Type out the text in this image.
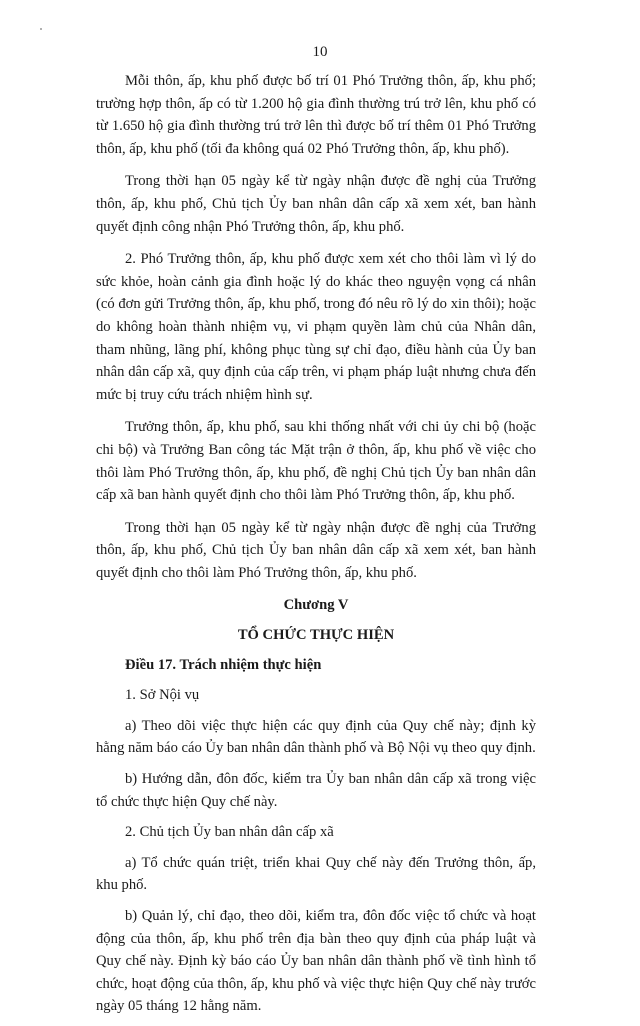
10

Mỗi thôn, ấp, khu phố được bố trí 01 Phó Trưởng thôn, ấp, khu phố; trường hợp thôn, ấp có từ 1.200 hộ gia đình thường trú trở lên, khu phố có từ 1.650 hộ gia đình thường trú trở lên thì được bố trí thêm 01 Phó Trưởng thôn, ấp, khu phố (tối đa không quá 02 Phó Trưởng thôn, ấp, khu phố).

Trong thời hạn 05 ngày kể từ ngày nhận được đề nghị của Trưởng thôn, ấp, khu phố, Chủ tịch Ủy ban nhân dân cấp xã xem xét, ban hành quyết định công nhận Phó Trưởng thôn, ấp, khu phố.

2. Phó Trưởng thôn, ấp, khu phố được xem xét cho thôi làm vì lý do sức khỏe, hoàn cảnh gia đình hoặc lý do khác theo nguyện vọng cá nhân (có đơn gửi Trưởng thôn, ấp, khu phố, trong đó nêu rõ lý do xin thôi); hoặc do không hoàn thành nhiệm vụ, vi phạm quyền làm chủ của Nhân dân, tham nhũng, lãng phí, không phục tùng sự chỉ đạo, điều hành của Ủy ban nhân dân cấp xã, quy định của cấp trên, vi phạm pháp luật nhưng chưa đến mức bị truy cứu trách nhiệm hình sự.

Trưởng thôn, ấp, khu phố, sau khi thống nhất với chi ủy chi bộ (hoặc chi bộ) và Trưởng Ban công tác Mặt trận ở thôn, ấp, khu phố về việc cho thôi làm Phó Trưởng thôn, ấp, khu phố, đề nghị Chủ tịch Ủy ban nhân dân cấp xã ban hành quyết định cho thôi làm Phó Trưởng thôn, ấp, khu phố.

Trong thời hạn 05 ngày kể từ ngày nhận được đề nghị của Trưởng thôn, ấp, khu phố, Chủ tịch Ủy ban nhân dân cấp xã xem xét, ban hành quyết định cho thôi làm Phó Trưởng thôn, ấp, khu phố.

Chương V

TỔ CHỨC THỰC HIỆN

Điều 17. Trách nhiệm thực hiện

1. Sở Nội vụ

a) Theo dõi việc thực hiện các quy định của Quy chế này; định kỳ hằng năm báo cáo Ủy ban nhân dân thành phố và Bộ Nội vụ theo quy định.

b) Hướng dẫn, đôn đốc, kiểm tra Ủy ban nhân dân cấp xã trong việc tổ chức thực hiện Quy chế này.

2. Chủ tịch Ủy ban nhân dân cấp xã

a) Tổ chức quán triệt, triển khai Quy chế này đến Trưởng thôn, ấp, khu phố.

b) Quản lý, chỉ đạo, theo dõi, kiểm tra, đôn đốc việc tổ chức và hoạt động của thôn, ấp, khu phố trên địa bàn theo quy định của pháp luật và Quy chế này. Định kỳ báo cáo Ủy ban nhân dân thành phố về tình hình tổ chức, hoạt động của thôn, ấp, khu phố và việc thực hiện Quy chế này trước ngày 05 tháng 12 hằng năm.
